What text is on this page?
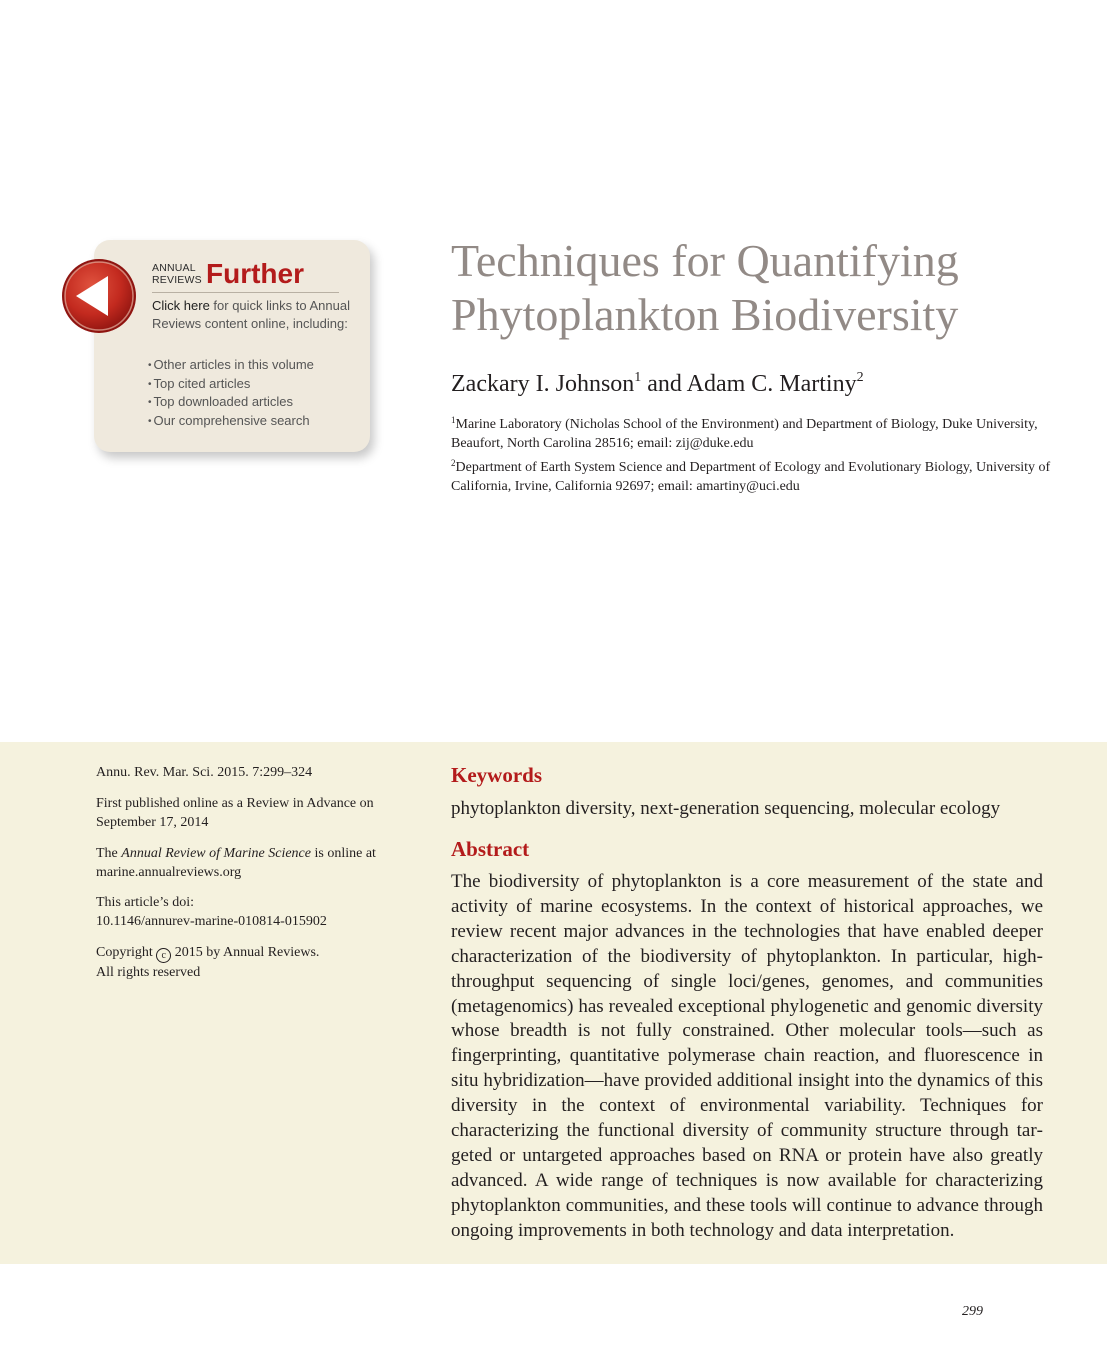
ANNUAL
REVIEWS Further
Click here for quick links to Annual Reviews content online, including:
• Other articles in this volume
• Top cited articles
• Top downloaded articles
• Our comprehensive search
Techniques for Quantifying Phytoplankton Biodiversity
Zackary I. Johnson$^1$ and Adam C. Martiny$^2$
$^1$Marine Laboratory (Nicholas School of the Environment) and Department of Biology, Duke University, Beaufort, North Carolina 28516; email: zij@duke.edu
$^2$Department of Earth System Science and Department of Ecology and Evolutionary Biology, University of California, Irvine, California 92697; email: amartiny@uci.edu
Annu. Rev. Mar. Sci. 2015. 7:299–324
First published online as a Review in Advance on September 17, 2014
The Annual Review of Marine Science is online at marine.annualreviews.org
This article’s doi:
10.1146/annurev-marine-010814-015902
Copyright c 2015 by Annual Reviews.
All rights reserved
Keywords
phytoplankton diversity, next-generation sequencing, molecular ecology
Abstract

The biodiversity of phytoplankton is a core measurement of the state and activity of marine ecosystems. In the context of historical approaches, we review recent major advances in the technologies that have enabled deeper characterization of the biodiversity of phytoplankton. In particular, highthroughput sequencing of single loci/genes, genomes, and communities (metagenomics) has revealed exceptional phylogenetic and genomic diversity whose breadth is not fully constrained. Other molecular tools—such as fingerprinting, quantitative polymerase chain reaction, and fluorescence in situ hybridization—have provided additional insight into the dynamics of this diversity in the context of environmental variability. Techniques for characterizing the functional diversity of community structure through targeted or untargeted approaches based on RNA or protein have also greatly advanced. A wide range of techniques is now available for characterizing phytoplankton communities, and these tools will continue to advance through ongoing improvements in both technology and data interpretation.

299
